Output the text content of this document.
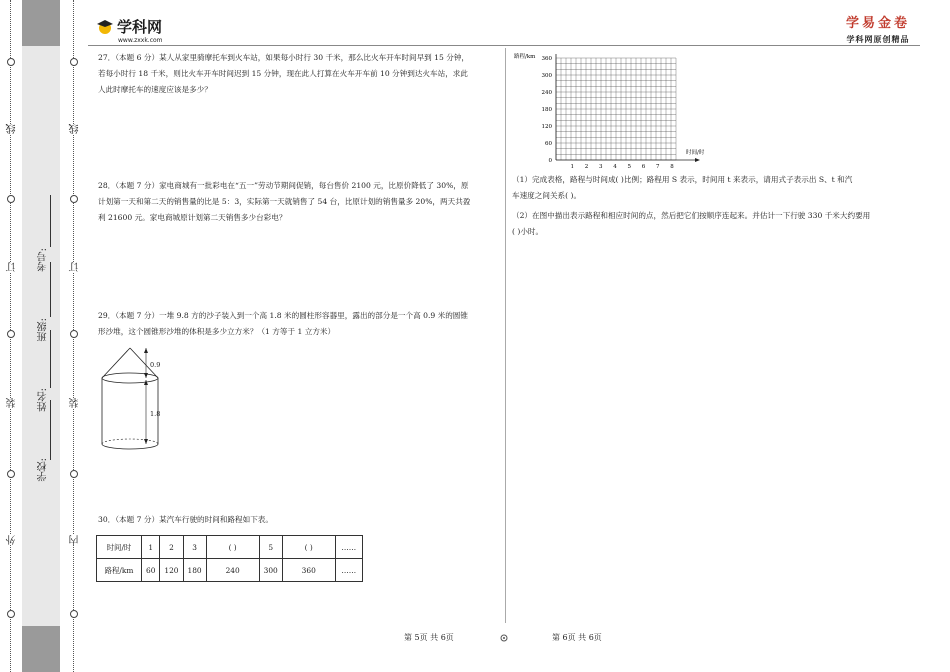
外
装
订
线
内
装
订
线
学校:
姓名:
班级:
考号:
学科网
www.zxxk.com
学易金卷
学科网原创精品
27．（本题 6 分）某人从家里骑摩托车到火车站，如果每小时行 30 千米，那么比火车开车时间早到 15 分钟，
若每小时行 18 千米，则比火车开车时间迟到 15 分钟，现在此人打算在火车开车前 10 分钟到达火车站，求此
人此时摩托车的速度应该是多少？
28．（本题 7 分）家电商城有一批彩电在“五一”劳动节期间促销，每台售价 2100 元，比原价降低了 30%，原
计划第一天和第二天的销售量的比是 5：3，实际第一天就销售了 54 台，比原计划的销售量多 20%，两天共盈
利 21600 元。家电商城原计划第二天销售多少台彩电？
29．（本题 7 分）一堆 9.8 方的沙子装入到一个高 1.8 米的圆柱形容器里，露出的部分是一个高 0.9 米的圆锥
形沙堆，这个圆锥形沙堆的体积是多少立方米？（1 方等于 1 立方米）
0.9
1.8
30．（本题 7 分）某汽车行驶的时间和路程如下表。
时间/时	1	2	3	( )	5	( )	……
路程/km	60	120	180	240	300	360	……
360
300
240
180
120
60
0
1 2 3 4 5 6 7 8
路程/km
时间/时
（1）完成表格，路程与时间成( )比例；路程用 S 表示，时间用 t 来表示，请用式子表示出 S、t 和汽
车速度之间关系( )。
（2）在图中描出表示路程和相应时间的点，然后把它们按顺序连起来。并估计一下行驶 330 千米大约要用
( )小时。
第 5页 共 6页	第 6页 共 6页
